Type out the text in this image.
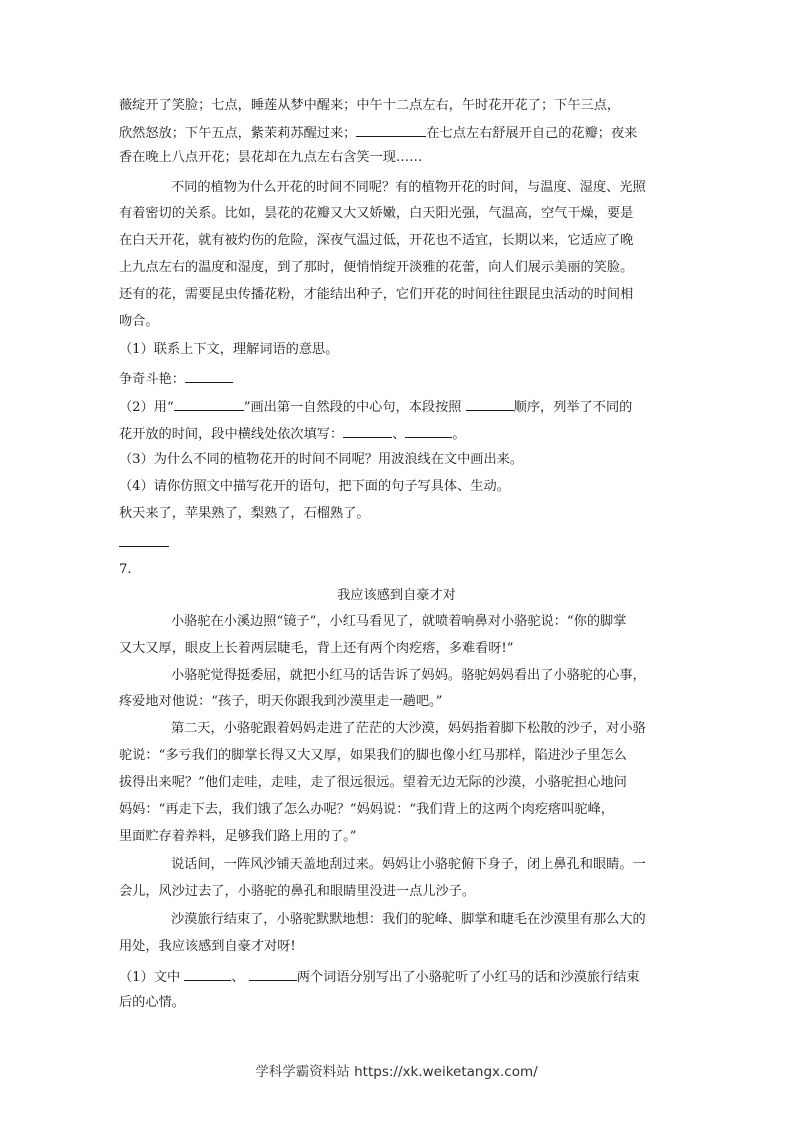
薇绽开了笑脸；七点，睡莲从梦中醒来；中午十二点左右，午时花开花了；下午三点，
欣然怒放；下午五点，紫茉莉苏醒过来；	在七点左右舒展开自己的花瓣；夜来
香在晚上八点开花；昙花却在九点左右含笑一现……
不同的植物为什么开花的时间不同呢？有的植物开花的时间，与温度、湿度、光照
有着密切的关系。比如，昙花的花瓣又大又娇嫩，白天阳光强，气温高，空气干燥，要是
在白天开花，就有被灼伤的危险，深夜气温过低，开花也不适宜，长期以来，它适应了晚
上九点左右的温度和湿度，到了那时，便悄悄绽开淡雅的花蕾，向人们展示美丽的笑脸。
还有的花，需要昆虫传播花粉，才能结出种子，它们开花的时间往往跟昆虫活动的时间相
吻合。
（1）联系上下文，理解词语的意思。
争奇斗艳：
（2）用“	”画出第一自然段的中心句，本段按照	顺序，列举了不同的
花开放的时间，段中横线处依次填写：	、	。
（3）为什么不同的植物花开的时间不同呢？用波浪线在文中画出来。
（4）请你仿照文中描写花开的语句，把下面的句子写具体、生动。
秋天来了，苹果熟了，梨熟了，石榴熟了。
7.
我应该感到自豪才对
小骆驼在小溪边照“镜子”，小红马看见了，就喷着响鼻对小骆驼说：“你的脚掌
又大又厚，眼皮上长着两层睫毛，背上还有两个肉疙瘩，多难看呀!”
小骆驼觉得挺委屈，就把小红马的话告诉了妈妈。骆驼妈妈看出了小骆驼的心事，
疼爱地对他说：“孩子，明天你跟我到沙漠里走一趟吧。”
第二天，小骆驼跟着妈妈走进了茫茫的大沙漠，妈妈指着脚下松散的沙子，对小骆
驼说：“多亏我们的脚掌长得又大又厚，如果我们的脚也像小红马那样，陷进沙子里怎么
拔得出来呢？”他们走哇，走哇，走了很远很远。望着无边无际的沙漠，小骆驼担心地问
妈妈：“再走下去，我们饿了怎么办呢？”妈妈说：“我们背上的这两个肉疙瘩叫驼峰，
里面贮存着养料，足够我们路上用的了。”
说话间，一阵风沙铺天盖地刮过来。妈妈让小骆驼俯下身子，闭上鼻孔和眼睛。一
会儿，风沙过去了，小骆驼的鼻孔和眼睛里没进一点儿沙子。
沙漠旅行结束了，小骆驼默默地想：我们的驼峰、脚掌和睫毛在沙漠里有那么大的
用处，我应该感到自豪才对呀!
（1）文中	、	两个词语分别写出了小骆驼听了小红马的话和沙漠旅行结束
后的心情。
学科学霸资料站 https://xk.weiketangx.com/
